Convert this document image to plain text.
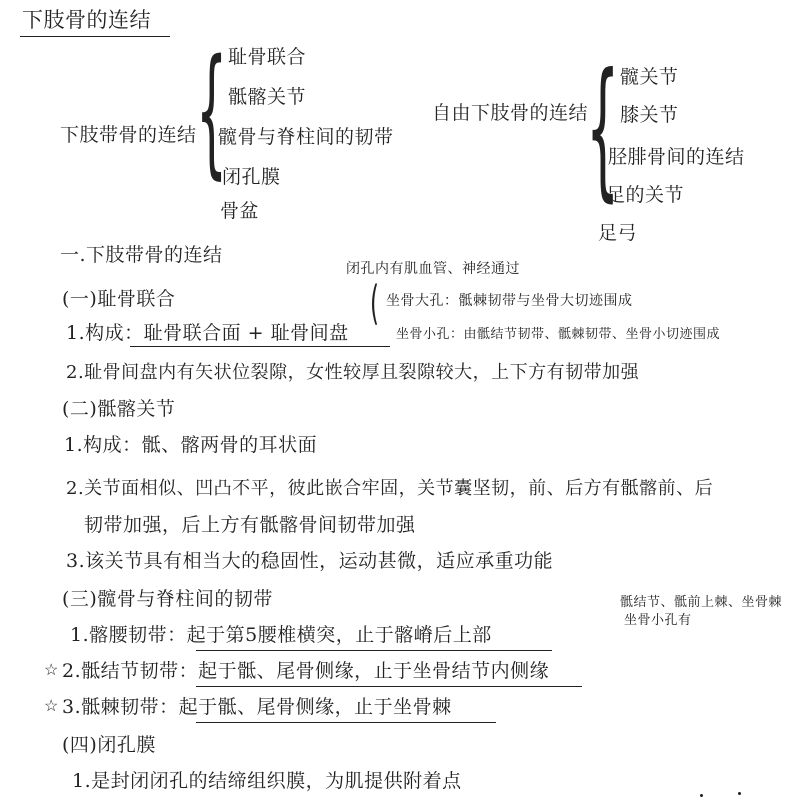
下肢骨的连结
下肢带骨的连结 { 耻骨联合
骶髂关节
髋骨与脊柱间的韧带
闭孔膜
骨盆
自由下肢骨的连结
{ 髋关节
膝关节
胫腓骨间的连结
足的关节
足弓
一.下肢带骨的连结
闭孔内有肌血管、神经通过
( 坐骨大孔：骶棘韧带与坐骨大切迹围成
坐骨小孔：由骶结节韧带、骶棘韧带、坐骨小切迹围成
(一)耻骨联合
1.构成：耻骨联合面 + 耻骨间盘
2.耻骨间盘内有矢状位裂隙，女性较厚且裂隙较大，上下方有韧带加强
(二)骶髂关节
1.构成：骶、髂两骨的耳状面
2.关节面相似、凹凸不平，彼此嵌合牢固，关节囊坚韧，前、后方有骶髂前、后
韧带加强，后上方有骶髂骨间韧带加强
3.该关节具有相当大的稳固性，运动甚微，适应承重功能
(三)髋骨与脊柱间的韧带	骶结节、骶前上棘、坐骨棘
坐骨小孔有
1.髂腰韧带：起于第5腰椎横突，止于髂嵴后上部
☆ 2.骶结节韧带：起于骶、尾骨侧缘，止于坐骨结节内侧缘
☆ 3.骶棘韧带：起于骶、尾骨侧缘，止于坐骨棘
(四)闭孔膜
1.是封闭闭孔的结缔组织膜，为肌提供附着点
